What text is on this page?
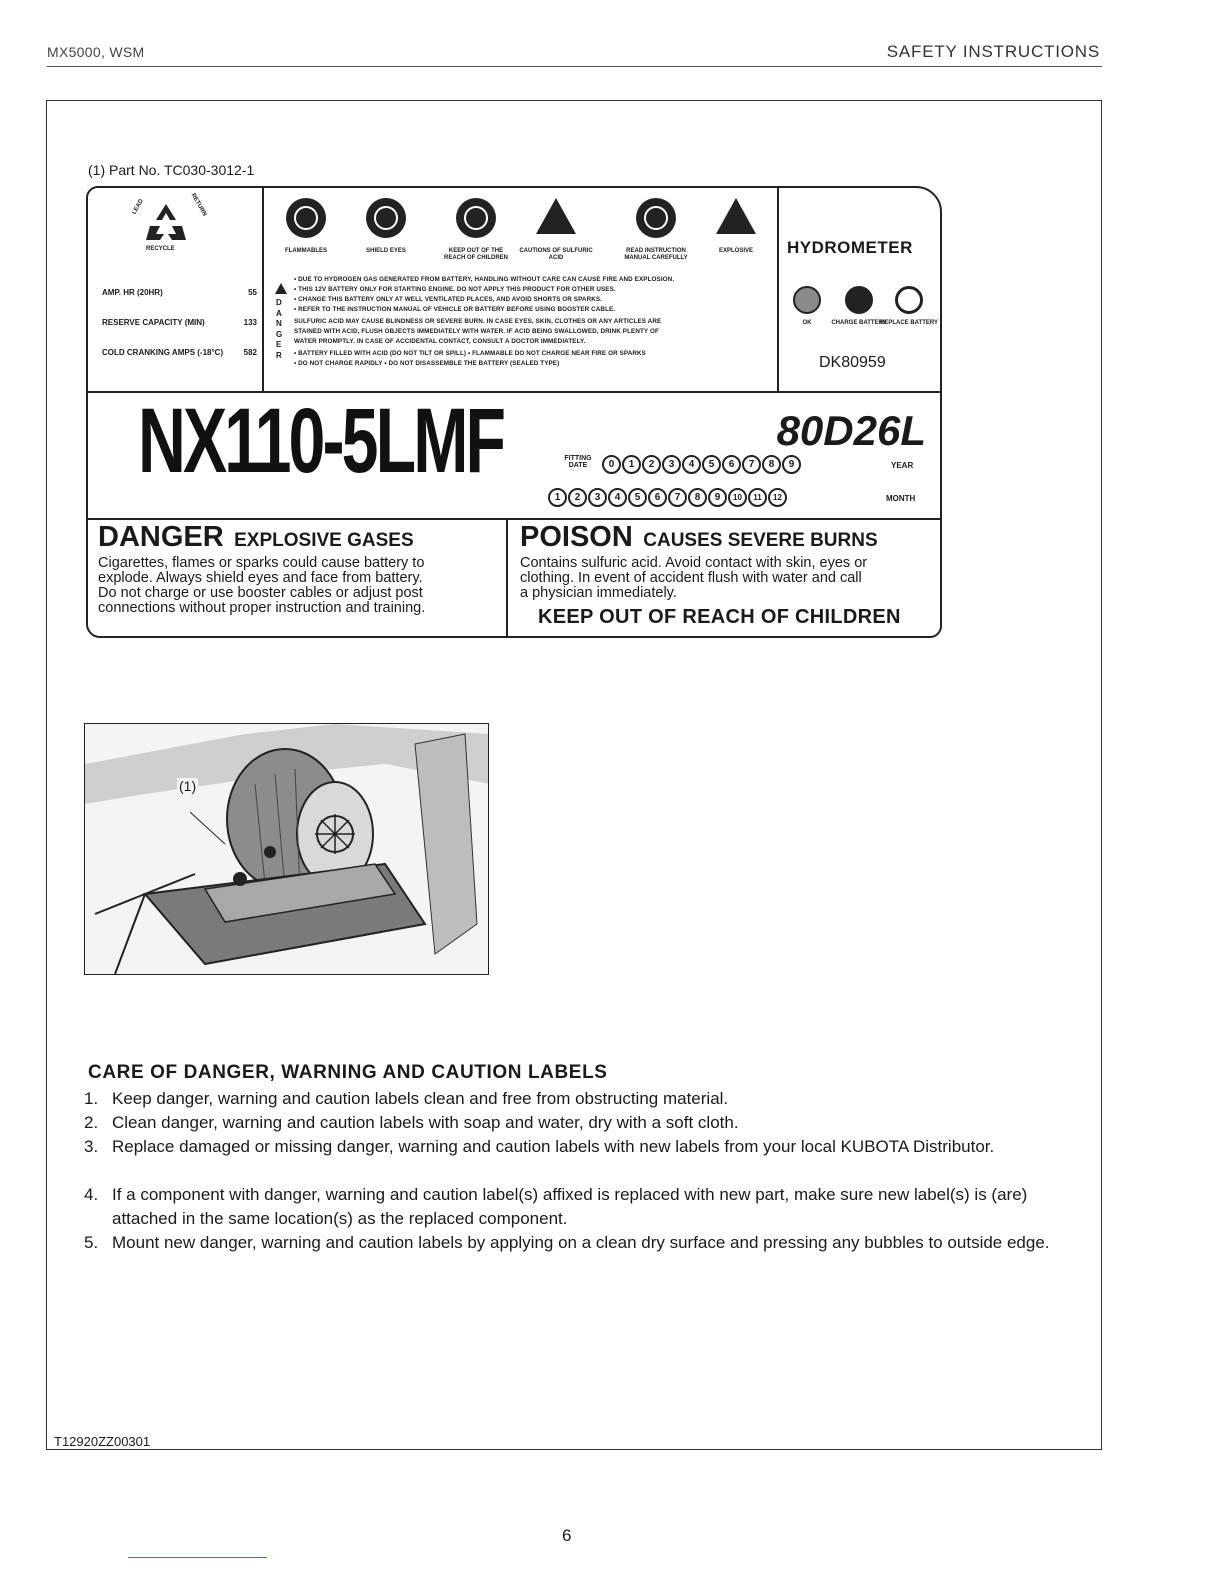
MX5000, WSM	SAFETY INSTRUCTIONS
(1) Part No. TC030-3012-1
RECYCLE
LEAD	RETURN
AMP. HR (20HR)	55
RESERVE CAPACITY (MIN)	133
COLD CRANKING AMPS (-18°C)	582
FLAMMABLES	SHIELD EYES	KEEP OUT OF THE REACH OF CHILDREN
CAUTIONS OF SULFURIC ACID
READ INSTRUCTION MANUAL CAREFULLY
EXPLOSIVE
DANGER
• DUE TO HYDROGEN GAS GENERATED FROM BATTERY, HANDLING WITHOUT CARE CAN CAUSE FIRE AND EXPLOSION.
• THIS 12V BATTERY ONLY FOR STARTING ENGINE. DO NOT APPLY THIS PRODUCT FOR OTHER USES.
• CHANGE THIS BATTERY ONLY AT WELL VENTILATED PLACES, AND AVOID SHORTS OR SPARKS.
• REFER TO THE INSTRUCTION MANUAL OF VEHICLE OR BATTERY BEFORE USING BOOSTER CABLE.
SULFURIC ACID MAY CAUSE BLINDNESS OR SEVERE BURN. IN CASE EYES, SKIN, CLOTHES OR ANY ARTICLES ARE
STAINED WITH ACID, FLUSH OBJECTS IMMEDIATELY WITH WATER. IF ACID BEING SWALLOWED, DRINK PLENTY OF
WATER PROMPTLY. IN CASE OF ACCIDENTAL CONTACT, CONSULT A DOCTOR IMMEDIATELY.
• BATTERY FILLED WITH ACID (DO NOT TILT OR SPILL) • FLAMMABLE DO NOT CHARGE NEAR FIRE OR SPARKS
• DO NOT CHARGE RAPIDLY • DO NOT DISASSEMBLE THE BATTERY (SEALED TYPE)
HYDROMETER
OK	CHARGE BATTERY
REPLACE BATTERY
DK80959
NX110-5LMF	80D26L
FITTING DATE	0	1	2	3	4	5	6	7	8	9	YEAR
1	2	3	4	5	6	7	8	9	10	11	12	MONTH
DANGER EXPLOSIVE GASES
Cigarettes, flames or sparks could cause battery to
explode. Always shield eyes and face from battery.
Do not charge or use booster cables or adjust post
connections without proper instruction and training.
POISON CAUSES SEVERE BURNS
Contains sulfuric acid. Avoid contact with skin, eyes or
clothing. In event of accident flush with water and call
a physician immediately.
KEEP OUT OF REACH OF CHILDREN
(1)
CARE OF DANGER, WARNING AND CAUTION LABELS
1. Keep danger, warning and caution labels clean and free from obstructing material.
2. Clean danger, warning and caution labels with soap and water, dry with a soft cloth.
3. Replace damaged or missing danger, warning and caution labels with new labels from your local KUBOTA Distributor.
4. If a component with danger, warning and caution label(s) affixed is replaced with new part, make sure new label(s) is (are) attached in the same location(s) as the replaced component.
5. Mount new danger, warning and caution labels by applying on a clean dry surface and pressing any bubbles to outside edge.
T12920ZZ00301
6
